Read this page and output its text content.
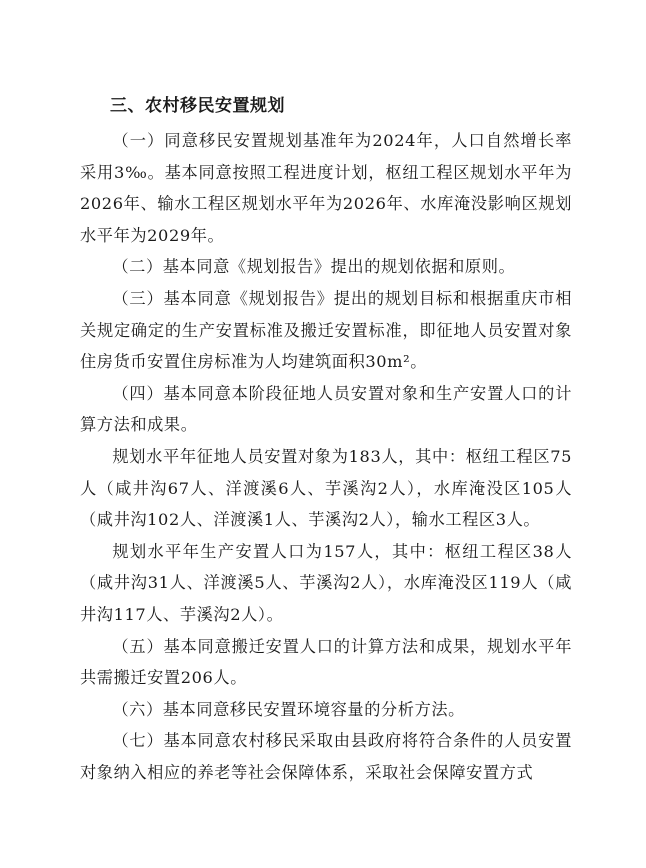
三、农村移民安置规划

（一）同意移民安置规划基准年为2024年，人口自然增长率采用3‰。基本同意按照工程进度计划，枢纽工程区规划水平年为2026年、输水工程区规划水平年为2026年、水库淹没影响区规划水平年为2029年。

（二）基本同意《规划报告》提出的规划依据和原则。

（三）基本同意《规划报告》提出的规划目标和根据重庆市相关规定确定的生产安置标准及搬迁安置标准，即征地人员安置对象住房货币安置住房标准为人均建筑面积30m²。

（四）基本同意本阶段征地人员安置对象和生产安置人口的计算方法和成果。

规划水平年征地人员安置对象为183人，其中：枢纽工程区75人（咸井沟67人、洋渡溪6人、芋溪沟2人），水库淹没区105人（咸井沟102人、洋渡溪1人、芋溪沟2人），输水工程区3人。

规划水平年生产安置人口为157人，其中：枢纽工程区38人（咸井沟31人、洋渡溪5人、芋溪沟2人），水库淹没区119人（咸井沟117人、芋溪沟2人）。

（五）基本同意搬迁安置人口的计算方法和成果，规划水平年共需搬迁安置206人。

（六）基本同意移民安置环境容量的分析方法。

（七）基本同意农村移民采取由县政府将符合条件的人员安置对象纳入相应的养老等社会保障体系，采取社会保障安置方式
